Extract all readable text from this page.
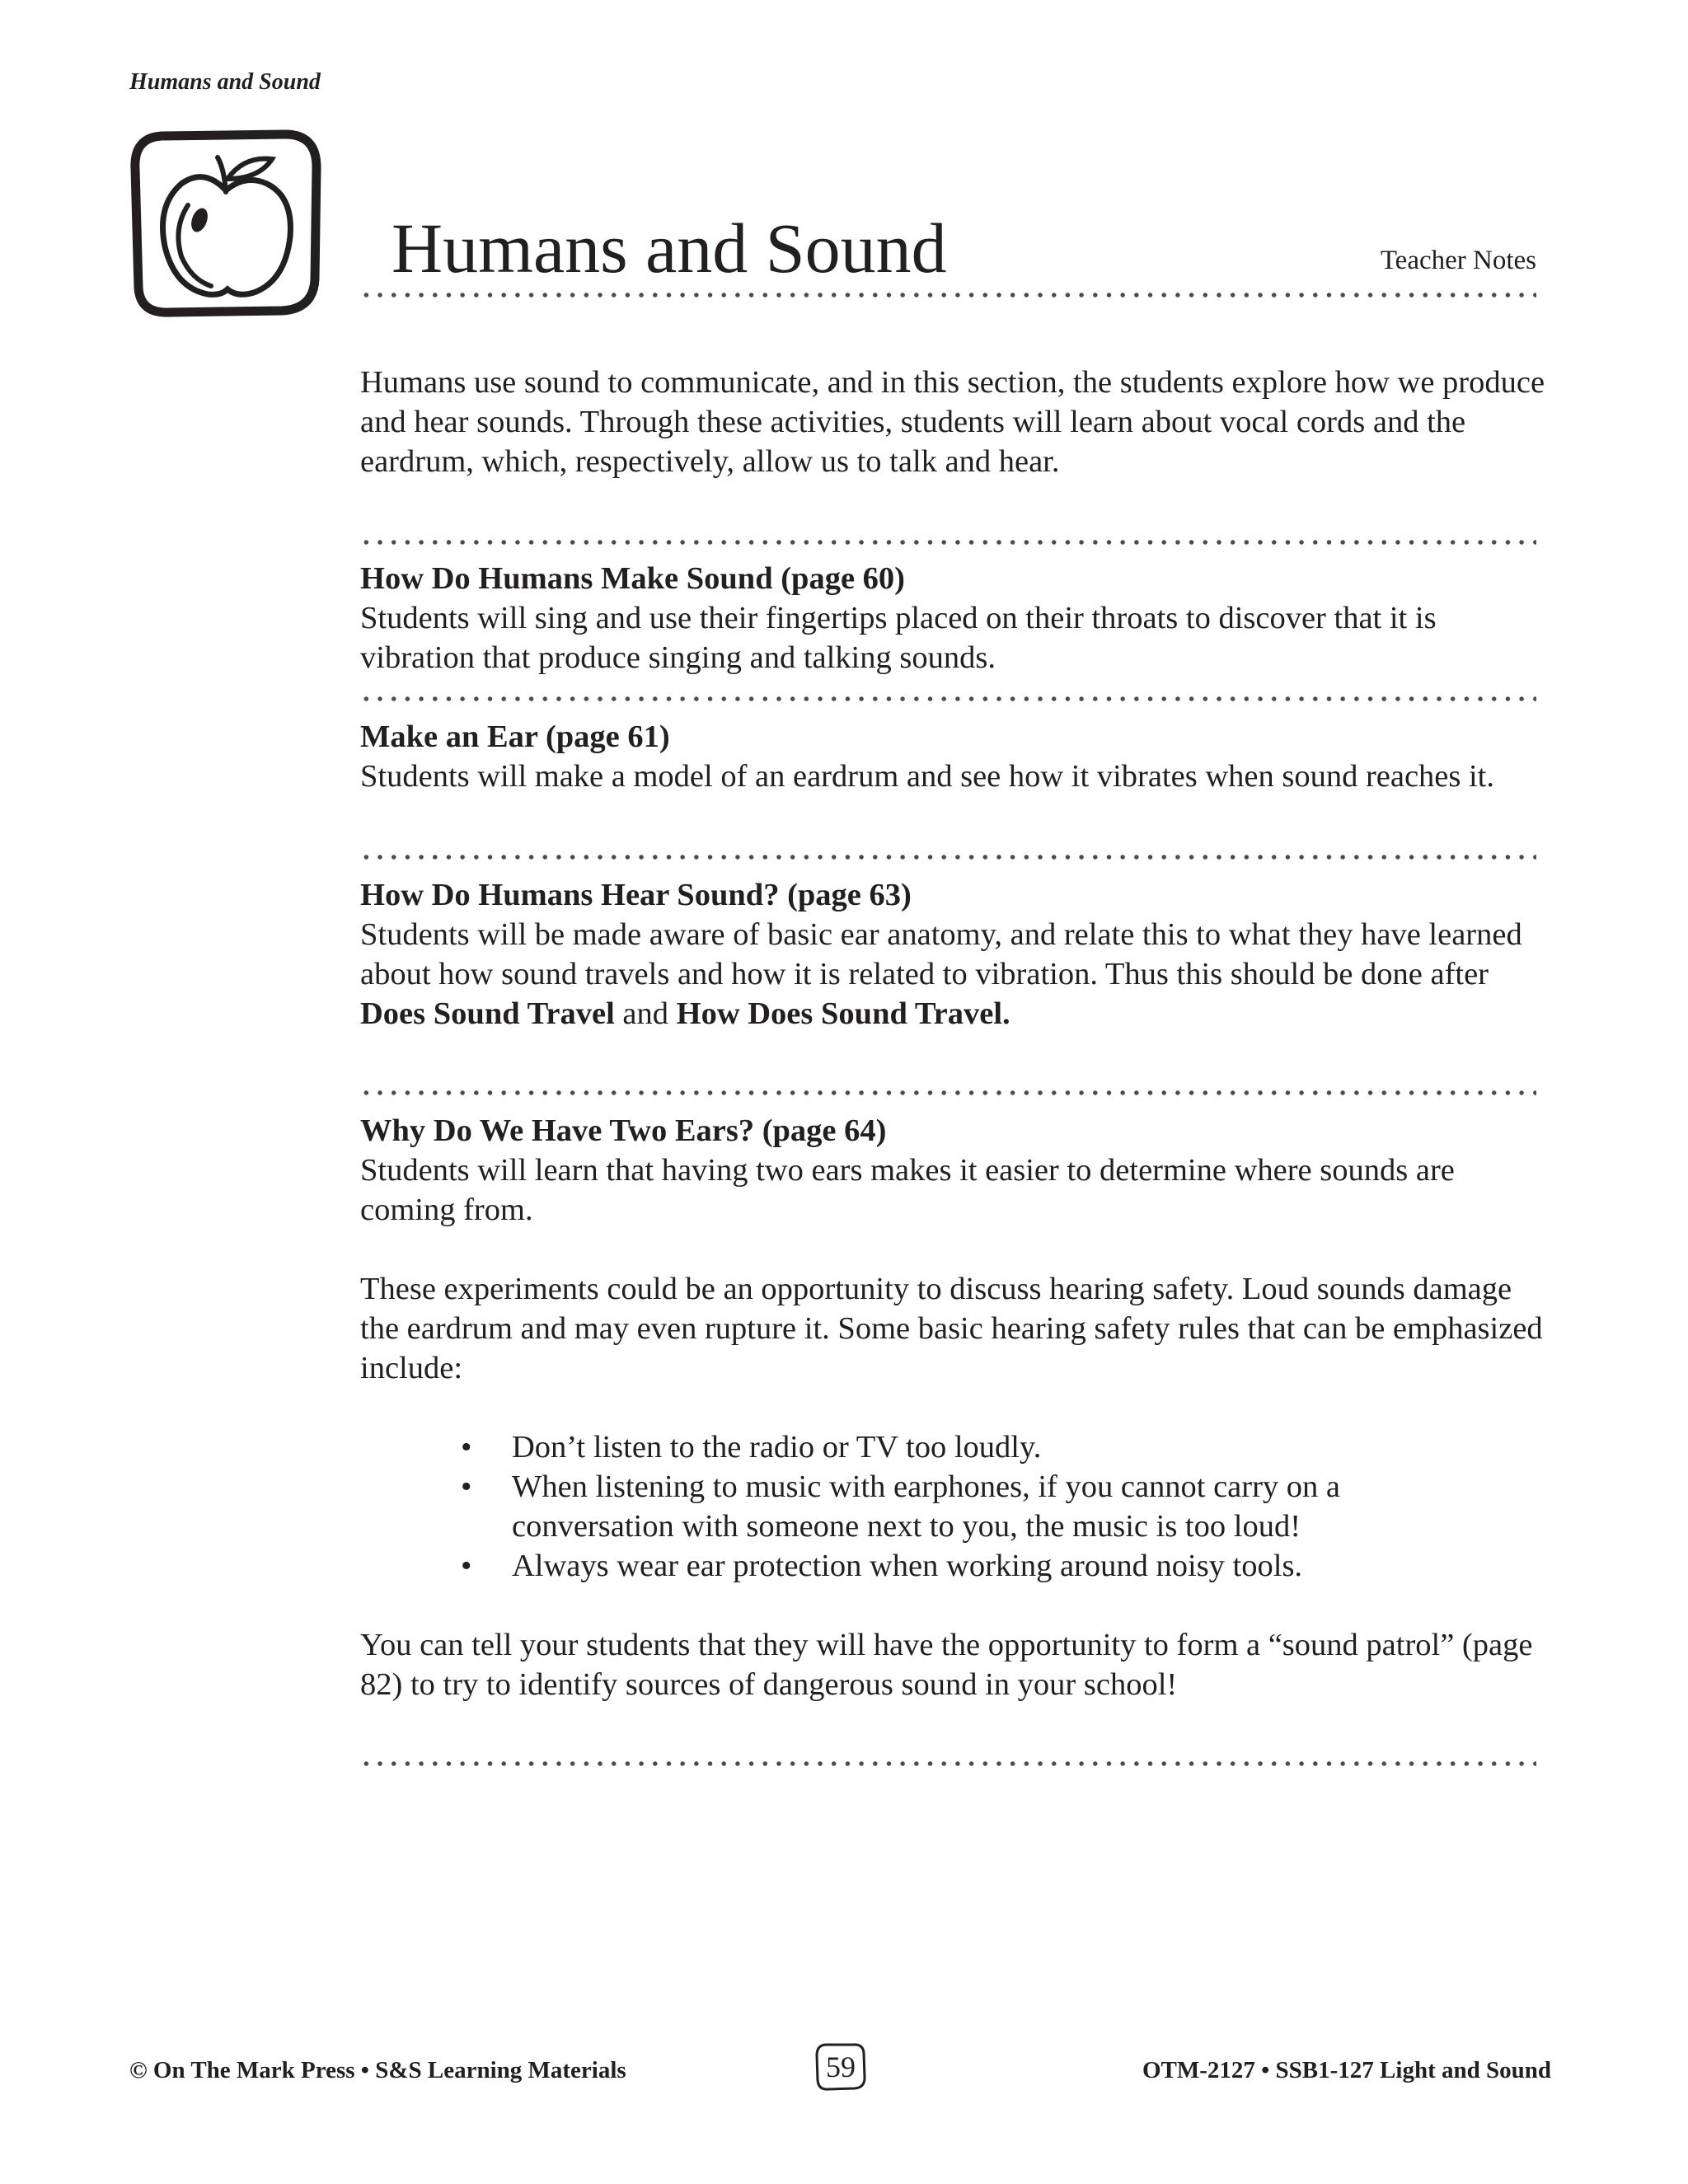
Humans and Sound
Humans and Sound	Teacher Notes

Humans use sound to communicate, and in this section, the students explore how we produce and hear sounds. Through these activities, students will learn about vocal cords and the eardrum, which, respectively, allow us to talk and hear.

How Do Humans Make Sound (page 60)

Students will sing and use their fingertips placed on their throats to discover that it is vibration that produce singing and talking sounds.

Make an Ear (page 61)

Students will make a model of an eardrum and see how it vibrates when sound reaches it.

How Do Humans Hear Sound? (page 63)

Students will be made aware of basic ear anatomy, and relate this to what they have learned about how sound travels and how it is related to vibration. Thus this should be done after Does Sound Travel and How Does Sound Travel.

Why Do We Have Two Ears? (page 64)

Students will learn that having two ears makes it easier to determine where sounds are coming from.

These experiments could be an opportunity to discuss hearing safety. Loud sounds damage the eardrum and may even rupture it. Some basic hearing safety rules that can be emphasized include:

• Don’t listen to the radio or TV too loudly.
• When listening to music with earphones, if you cannot carry on a conversation with someone next to you, the music is too loud!
• Always wear ear protection when working around noisy tools.

You can tell your students that they will have the opportunity to form a “sound patrol” (page 82) to try to identify sources of dangerous sound in your school!

© On The Mark Press • S&S Learning Materials	59	OTM-2127 • SSB1-127 Light and Sound
